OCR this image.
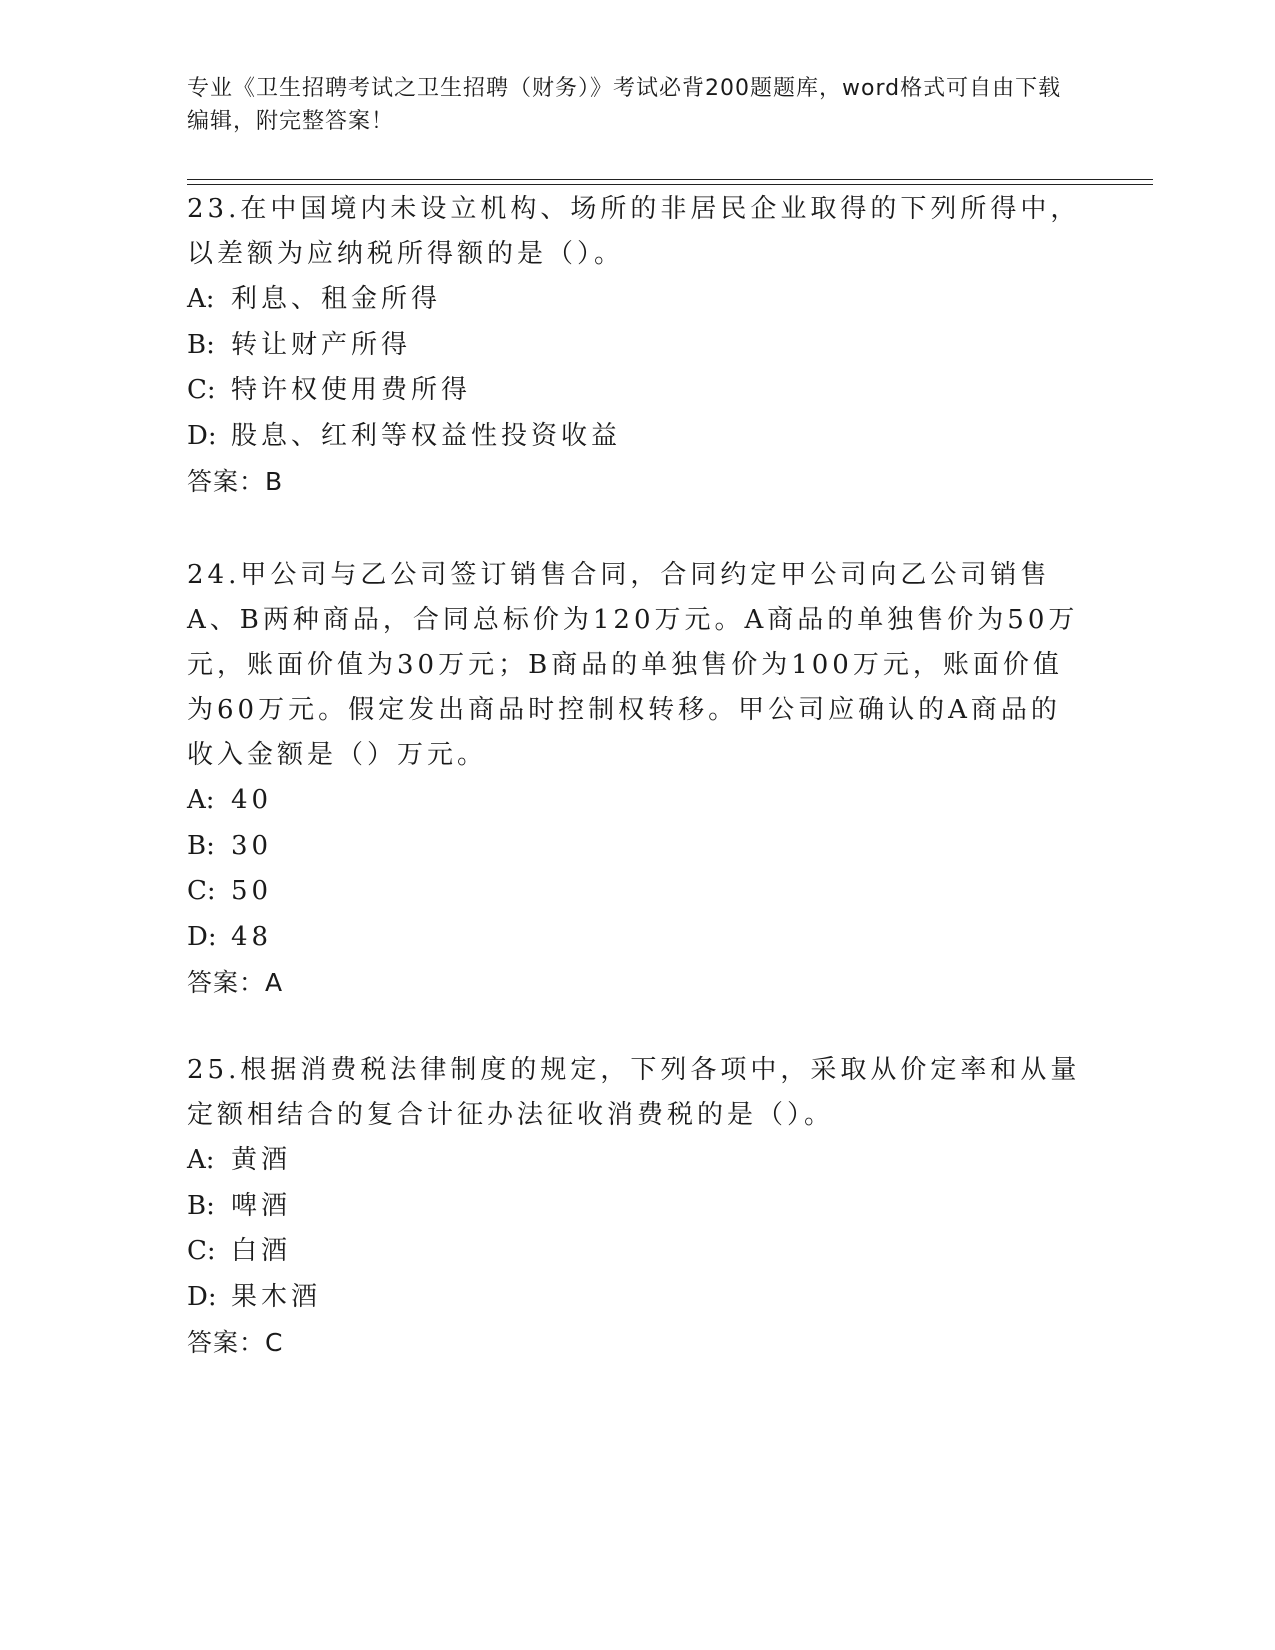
专业《卫生招聘考试之卫生招聘（财务）》考试必背200题题库，word格式可自由下载编辑，附完整答案！

23.在中国境内未设立机构、场所的非居民企业取得的下列所得中，以差额为应纳税所得额的是（）。

A: 利息、租金所得

B: 转让财产所得

C: 特许权使用费所得

D: 股息、红利等权益性投资收益

答案：B

24.甲公司与乙公司签订销售合同，合同约定甲公司向乙公司销售A、B两种商品，合同总标价为120万元。A商品的单独售价为50万元，账面价值为30万元；B商品的单独售价为100万元，账面价值为60万元。假定发出商品时控制权转移。甲公司应确认的A商品的收入金额是（）万元。

A: 40

B: 30

C: 50

D: 48

答案：A

25.根据消费税法律制度的规定，下列各项中，采取从价定率和从量定额相结合的复合计征办法征收消费税的是（）。

A: 黄酒

B: 啤酒

C: 白酒

D: 果木酒

答案：C
